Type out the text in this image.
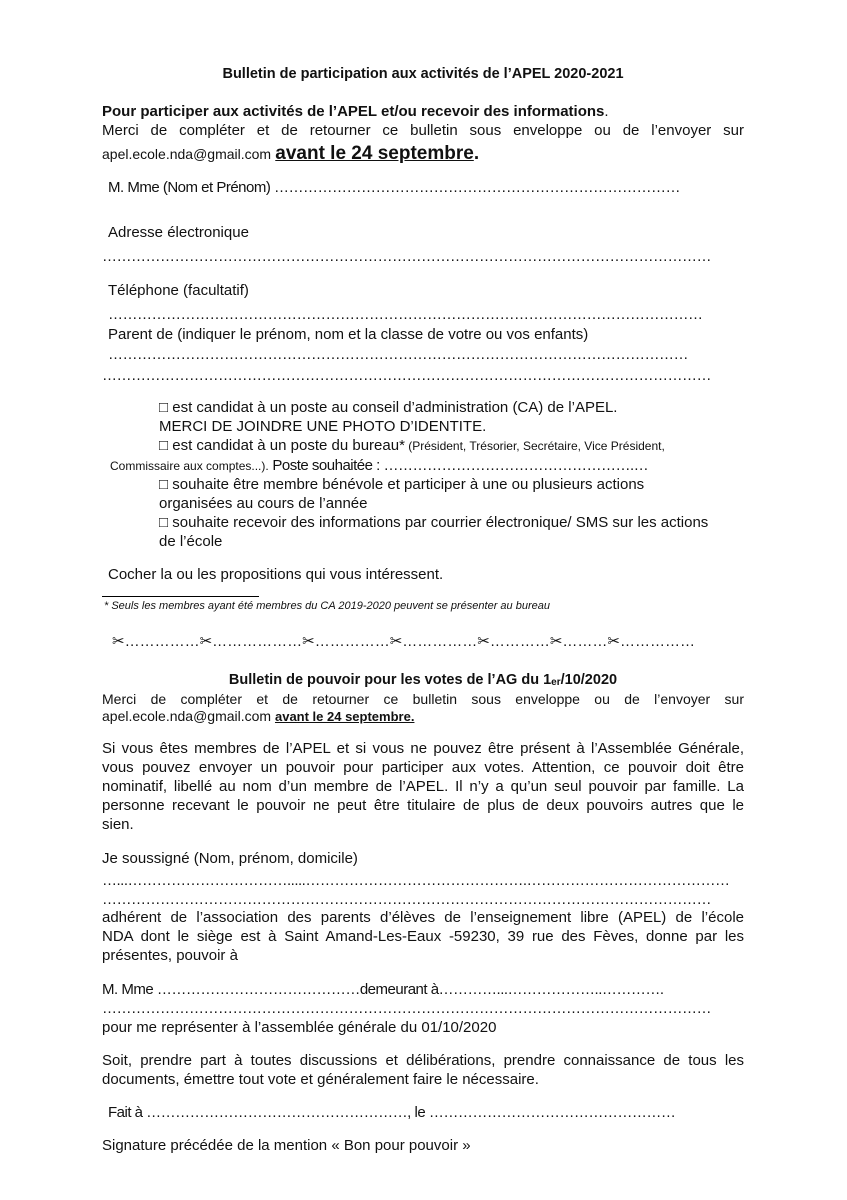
Bulletin de participation aux activités de l’APEL 2020-2021
Pour participer aux activités de l’APEL et/ou recevoir des informations.
Merci de compléter et de retourner ce bulletin sous enveloppe ou de l’envoyer sur
apel.ecole.nda@gmail.com avant le 24 septembre.
M. Mme (Nom et Prénom) …………………………………………………………………………
Adresse électronique
………………………………………………………………………………………………………………
Téléphone (facultatif)
……………………………………………………………………………………………………………
Parent de (indiquer le prénom, nom et la classe de votre ou vos enfants)
…………………………………………………………………………………………………………
………………………………………………………………………………………………………………
□ est candidat à un poste au conseil d’administration (CA) de l’APEL.
MERCI DE JOINDRE UNE PHOTO D’IDENTITE.
□ est candidat à un poste du bureau* (Président, Trésorier, Secrétaire, Vice Président,
Commissaire aux comptes...). Poste souhaitée : …………………………………………….…
□ souhaite être membre bénévole et participer à une ou plusieurs actions
organisées au cours de l’année
□ souhaite recevoir des informations par courrier électronique/ SMS sur les actions
de l’école
Cocher la ou les propositions qui vous intéressent.
* Seuls les membres ayant été membres du CA 2019-2020 peuvent se présenter au bureau
✂……………✂………………✂……………✂……………✂…………✂………✂……………
Bulletin de pouvoir pour les votes de l’AG du $1_{er}/10/2020$
Merci de compléter et de retourner ce bulletin sous enveloppe ou de l’envoyer sur
apel.ecole.nda@gmail.com avant le 24 septembre.
Si vous êtes membres de l’APEL et si vous ne pouvez être présent à l’Assemblée Générale,
vous pouvez envoyer un pouvoir pour participer aux votes. Attention, ce pouvoir doit être
nominatif, libellé au nom d’un membre de l’APEL. Il n’y a qu’un seul pouvoir par famille. La
personne recevant le pouvoir ne peut être titulaire de plus de deux pouvoirs autres que le
sien.
Je soussigné (Nom, prénom, domicile)
…...…………………………….....……………………………………….……………………………………
………………………………………………………………………………………………………………
adhérent de l’association des parents d’élèves de l’enseignement libre (APEL) de l’école
NDA dont le siège est à Saint Amand-Les-Eaux -59230, 39 rue des Fèves, donne par les
présentes, pouvoir à
M. Mme ……………………………………demeurant à…………...………………..………….
………………………………………………………………………………………………………………
pour me représenter à l’assemblée générale du 01/10/2020
Soit, prendre part à toutes discussions et délibérations, prendre connaissance de tous les
documents, émettre tout vote et généralement faire le nécessaire.
Fait à ………………………………………………, le ……………………………………………
Signature précédée de la mention « Bon pour pouvoir »
